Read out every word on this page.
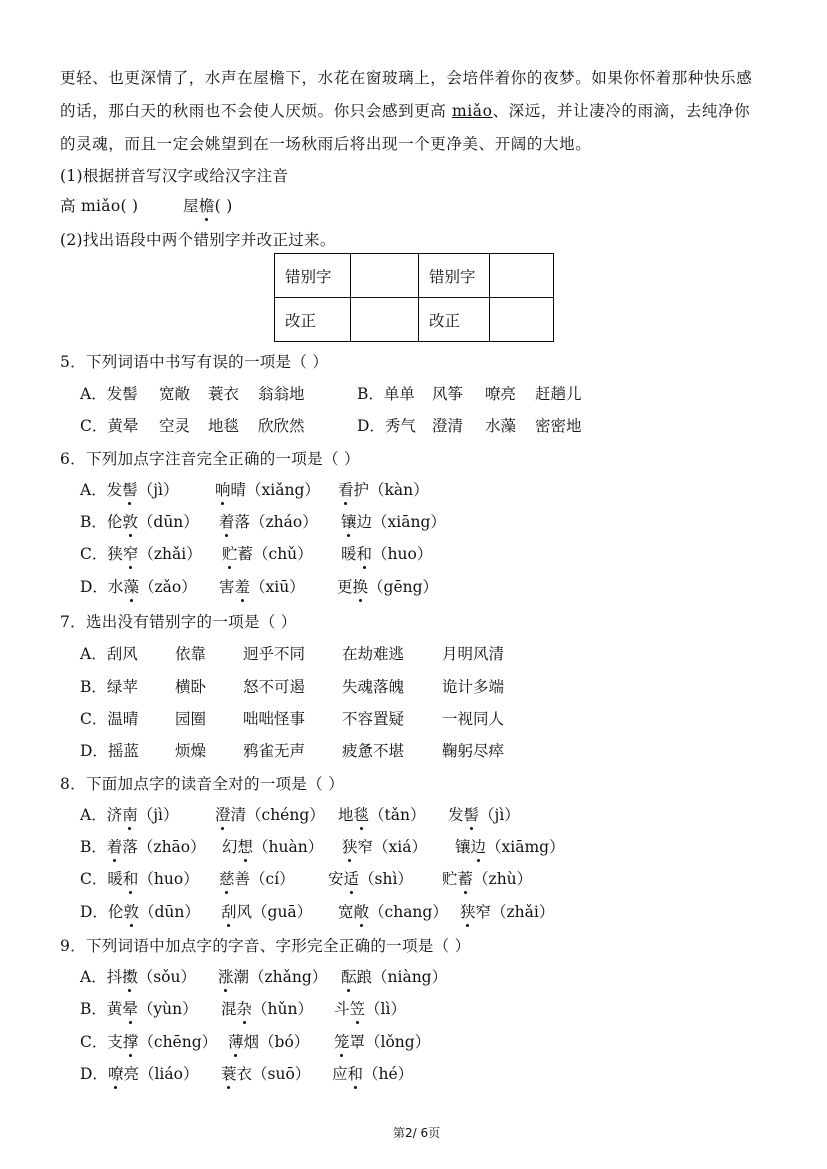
更轻、也更深情了，水声在屋檐下，水花在窗玻璃上，会培伴着你的夜梦。如果你怀着那种快乐感
的话，那白天的秋雨也不会使人厌烦。你只会感到更高 miǎo、深远，并让凄冷的雨滴，去纯净你
的灵魂，而且一定会姚望到在一场秋雨后将出现一个更净美、开阔的大地。
(1)根据拼音写汉字或给汉字注音
高 miǎo( )	屋檐( )
(2)找出语段中两个错别字并改正过来。
错别字		错别字	
改正		改正	
5．下列词语中书写有误的一项是（ ）
A．发髻 宽敞 蓑衣 翁翁地	B．单单 风筝 嘹亮 赶趟儿
C．黄晕 空灵 地毯 欣欣然	D．秀气 澄清 水藻 密密地
6．下列加点字注音完全正确的一项是（ ）
A．发髻（jì） 响晴（xiǎng） 看护（kàn）
B．伦敦（dūn） 着落（zháo） 镶边（xiāng）
C．狭窄（zhǎi） 贮蓄（chǔ） 暖和（huo）
D．水藻（zǎo） 害羞（xiū） 更换（gēng）
7．选出没有错别字的一项是（ ）
A．刮风 依靠 迥乎不同 在劫难逃 月明风清
B．绿苹 横卧 怒不可遏 失魂落魄 诡计多端
C．温晴 园圈 咄咄怪事 不容置疑 一视同人
D．摇蓝 烦燥 鸦雀无声 疲惫不堪 鞠躬尽瘁
8．下面加点字的读音全对的一项是（ ）
A．济南（jì） 澄清（chéng） 地毯（tǎn） 发髻（jì）
B．着落（zhāo） 幻想（huàn） 狭窄（xiá） 镶边（xiāmg）
C．暖和（huo） 慈善（cí） 安适（shì） 贮蓄（zhù）
D．伦敦（dūn） 刮风（guā） 宽敞（chang） 狭窄（zhǎi）
9．下列词语中加点字的字音、字形完全正确的一项是（ ）
A．抖擞（sǒu） 涨潮（zhǎng） 酝踉（niàng）
B．黄晕（yùn） 混杂（hǔn） 斗笠（lì）
C．支撑（chēng） 薄烟（bó） 笼罩（lǒng）
D．嘹亮（liáo） 蓑衣（suō） 应和（hé）
第2/ 6页
